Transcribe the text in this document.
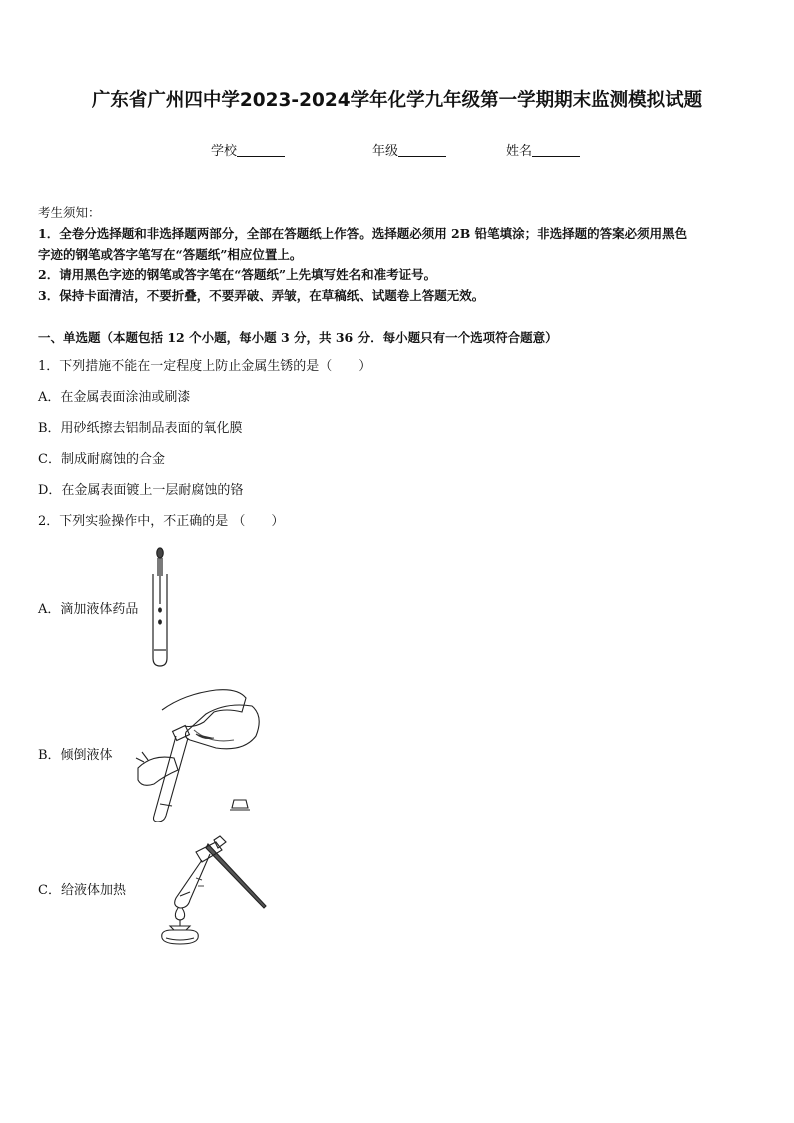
广东省广州四中学2023-2024学年化学九年级第一学期期末监测模拟试题
学校	年级	姓名
考生须知：
1．全卷分选择题和非选择题两部分，全部在答题纸上作答。选择题必须用 2B 铅笔填涂；非选择题的答案必须用黑色
字迹的钢笔或答字笔写在“答题纸”相应位置上。
2．请用黑色字迹的钢笔或答字笔在“答题纸”上先填写姓名和准考证号。
3．保持卡面清洁，不要折叠，不要弄破、弄皱，在草稿纸、试题卷上答题无效。
一、单选题（本题包括 12 个小题，每小题 3 分，共 36 分．每小题只有一个选项符合题意）
1．下列措施不能在一定程度上防止金属生锈的是（　　）
A．在金属表面涂油或刷漆
B．用砂纸擦去铝制品表面的氧化膜
C．制成耐腐蚀的合金
D．在金属表面镀上一层耐腐蚀的铬
2．下列实验操作中，不正确的是 （　　）
A．滴加液体药品
B．倾倒液体
C．给液体加热
